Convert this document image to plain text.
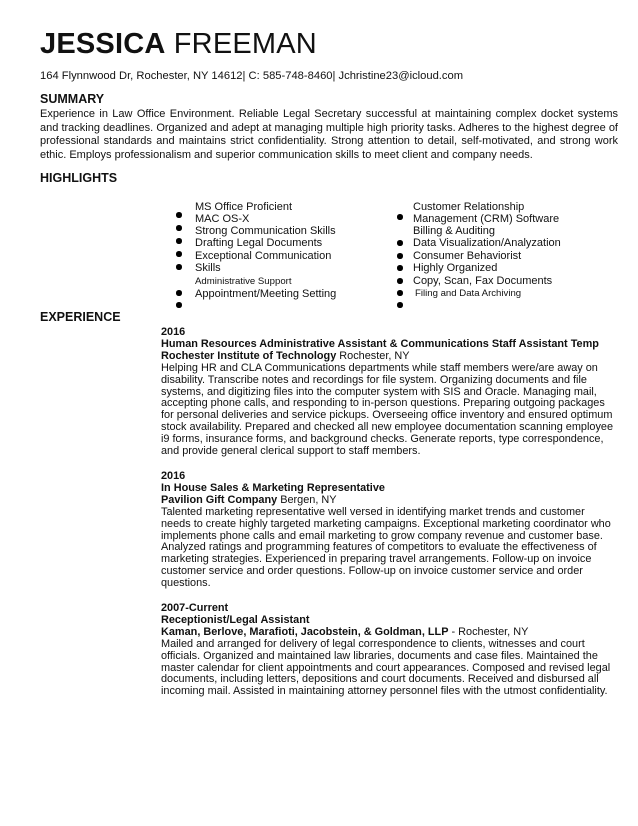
JESSICA FREEMAN
164 Flynnwood Dr, Rochester, NY 14612| C: 585-748-8460| Jchristine23@icloud.com
SUMMARY
Experience in Law Office Environment. Reliable Legal Secretary successful at maintaining complex docket systems and tracking deadlines. Organized and adept at managing multiple high priority tasks. Adheres to the highest degree of professional standards and maintains strict confidentiality. Strong attention to detail, self-motivated, and strong work ethic. Employs professionalism and superior communication skills to meet client and company needs.
HIGHLIGHTS
MS Office Proficient
MAC OS-X
Strong Communication Skills
Drafting Legal Documents
Exceptional Communication
Skills
Administrative Support
Appointment/Meeting Setting
Customer Relationship
Management (CRM) Software
Billing & Auditing
Data Visualization/Analyzation
Consumer Behaviorist
Highly Organized
Copy, Scan, Fax Documents
Filing and Data Archiving
EXPERIENCE
2016
Human Resources Administrative Assistant & Communications Staff Assistant Temp
Rochester Institute of Technology Rochester, NY

Helping HR and CLA Communications departments while staff members were/are away on disability. Transcribe notes and recordings for file system. Organizing documents and file systems, and digitizing files into the computer system with SIS and Oracle. Managing mail, accepting phone calls, and responding to in-person questions. Preparing outgoing packages for personal deliveries and service pickups. Overseeing office inventory and ensured optimum stock availability. Prepared and checked all new employee documentation scanning employee i9 forms, insurance forms, and background checks. Generate reports, type correspondence, and provide general clerical support to staff members.

2016
In House Sales & Marketing Representative
Pavilion Gift Company Bergen, NY

Talented marketing representative well versed in identifying market trends and customer needs to create highly targeted marketing campaigns. Exceptional marketing coordinator who implements phone calls and email marketing to grow company revenue and customer base. Analyzed ratings and programming features of competitors to evaluate the effectiveness of marketing strategies. Experienced in preparing travel arrangements. Follow-up on invoice customer service and order questions. Follow-up on invoice customer service and order questions.

2007-Current
Receptionist/Legal Assistant
Kaman, Berlove, Marafioti, Jacobstein, & Goldman, LLP - Rochester, NY

Mailed and arranged for delivery of legal correspondence to clients, witnesses and court officials. Organized and maintained law libraries, documents and case files. Maintained the master calendar for client appointments and court appearances. Composed and revised legal documents, including letters, depositions and court documents. Received and disbursed all incoming mail. Assisted in maintaining attorney personnel files with the utmost confidentiality.
